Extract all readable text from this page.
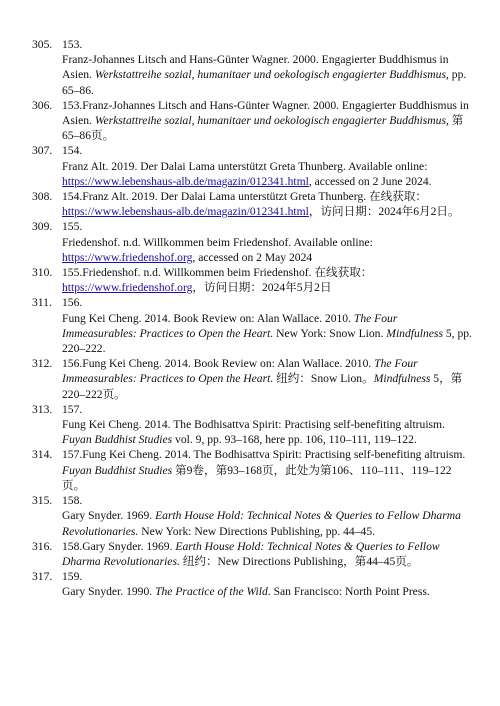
305. 153.
Franz-Johannes Litsch and Hans-Günter Wagner. 2000. Engagierter Buddhismus in Asien. Werkstattreihe sozial, humanitaer und oekologisch engagierter Buddhismus, pp. 65–86.
306. 153.Franz-Johannes Litsch and Hans-Günter Wagner. 2000. Engagierter Buddhismus in Asien. Werkstattreihe sozial, humanitaer und oekologisch engagierter Buddhismus, 第65–86页。
307. 154.
Franz Alt. 2019. Der Dalai Lama unterstützt Greta Thunberg. Available online: https://www.lebenshaus-alb.de/magazin/012341.html, accessed on 2 June 2024.
308. 154.Franz Alt. 2019. Der Dalai Lama unterstützt Greta Thunberg. 在线获取：https://www.lebenshaus-alb.de/magazin/012341.html，访问日期：2024年6月2日。
309. 155.
Friedenshof. n.d. Willkommen beim Friedenshof. Available online: https://www.friedenshof.org, accessed on 2 May 2024
310. 155.Friedenshof. n.d. Willkommen beim Friedenshof. 在线获取：https://www.friedenshof.org，访问日期：2024年5月2日
311. 156.
Fung Kei Cheng. 2014. Book Review on: Alan Wallace. 2010. The Four Immeasurables: Practices to Open the Heart. New York: Snow Lion. Mindfulness 5, pp. 220–222.
312. 156.Fung Kei Cheng. 2014. Book Review on: Alan Wallace. 2010. The Four Immeasurables: Practices to Open the Heart. 纽约：Snow Lion。Mindfulness 5，第220–222页。
313. 157.
Fung Kei Cheng. 2014. The Bodhisattva Spirit: Practising self-benefiting altruism. Fuyan Buddhist Studies vol. 9, pp. 93–168, here pp. 106, 110–111, 119–122.
314. 157.Fung Kei Cheng. 2014. The Bodhisattva Spirit: Practising self-benefiting altruism. Fuyan Buddhist Studies 第9卷，第93–168页，此处为第106、110–111、119–122页。
315. 158.
Gary Snyder. 1969. Earth House Hold: Technical Notes & Queries to Fellow Dharma Revolutionaries. New York: New Directions Publishing, pp. 44–45.
316. 158.Gary Snyder. 1969. Earth House Hold: Technical Notes & Queries to Fellow Dharma Revolutionaries. 纽约：New Directions Publishing，第44–45页。
317. 159.
Gary Snyder. 1990. The Practice of the Wild. San Francisco: North Point Press.
